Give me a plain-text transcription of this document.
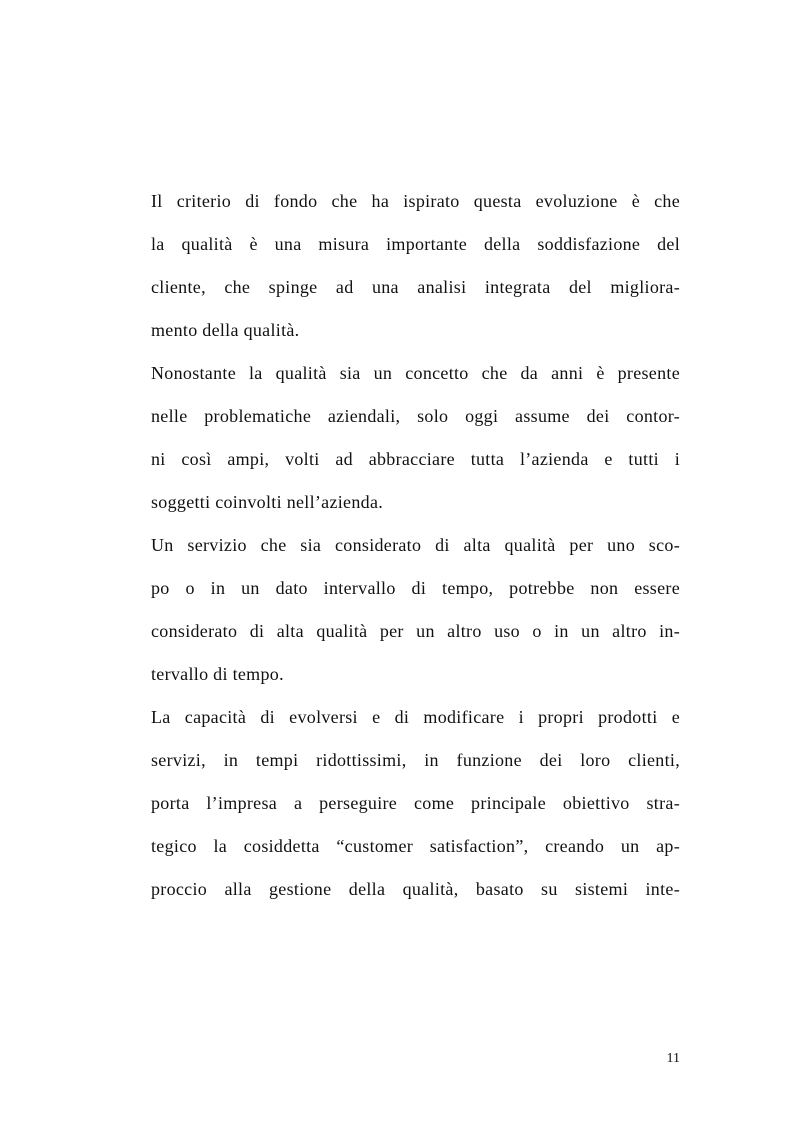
Il criterio di fondo che ha ispirato questa evoluzione è che
la qualità è una misura importante della soddisfazione del
cliente, che spinge ad una analisi integrata del migliora-
mento della qualità.
Nonostante la qualità sia un concetto che da anni è presente
nelle problematiche aziendali, solo oggi assume dei contor-
ni così ampi, volti ad abbracciare tutta l’azienda e tutti i
soggetti coinvolti nell’azienda.
Un servizio che sia considerato di alta qualità per uno sco-
po o in un dato intervallo di tempo, potrebbe non essere
considerato di alta qualità per un altro uso o in un altro in-
tervallo di tempo.
La capacità di evolversi e di modificare i propri prodotti e
servizi, in tempi ridottissimi, in funzione dei loro clienti,
porta l’impresa a perseguire come principale obiettivo stra-
tegico la cosiddetta “customer satisfaction”, creando un ap-
proccio alla gestione della qualità, basato su sistemi inte-
11
